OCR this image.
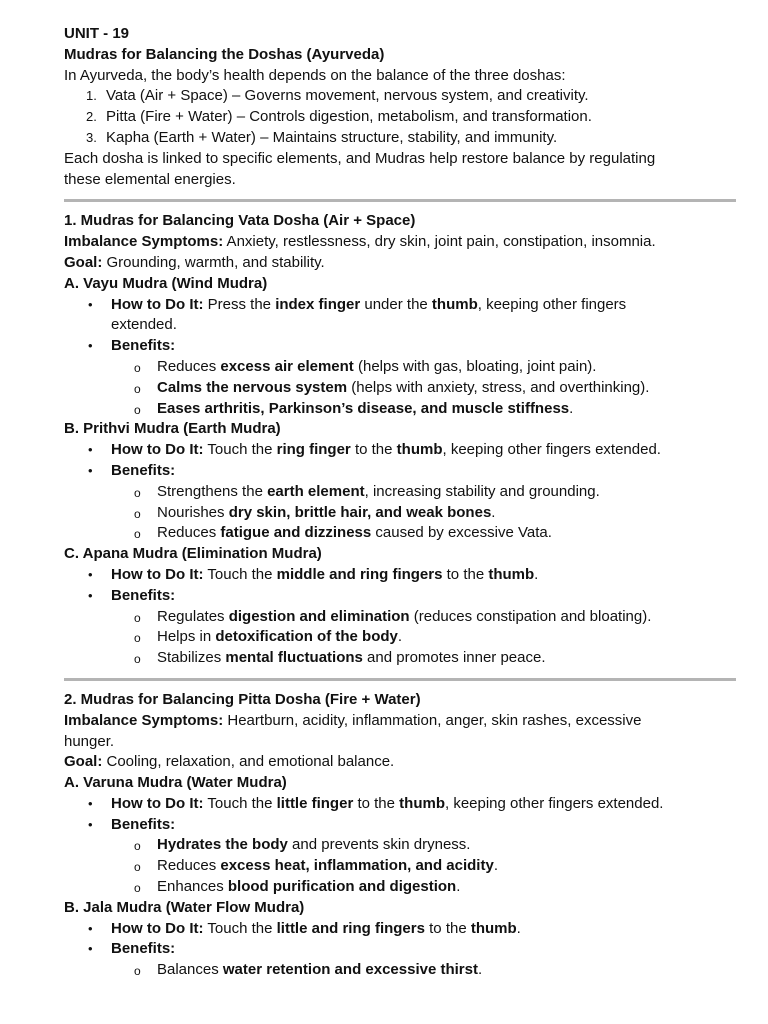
UNIT - 19
Mudras for Balancing the Doshas (Ayurveda)
In Ayurveda, the body’s health depends on the balance of the three doshas:
1. Vata (Air + Space) – Governs movement, nervous system, and creativity.
2. Pitta (Fire + Water) – Controls digestion, metabolism, and transformation.
3. Kapha (Earth + Water) – Maintains structure, stability, and immunity.
Each dosha is linked to specific elements, and Mudras help restore balance by regulating
these elemental energies.
1. Mudras for Balancing Vata Dosha (Air + Space)
Imbalance Symptoms: Anxiety, restlessness, dry skin, joint pain, constipation, insomnia.
Goal: Grounding, warmth, and stability.
A. Vayu Mudra (Wind Mudra)
• How to Do It: Press the index finger under the thumb, keeping other fingers
extended.
• Benefits:
o Reduces excess air element (helps with gas, bloating, joint pain).
o Calms the nervous system (helps with anxiety, stress, and overthinking).
o Eases arthritis, Parkinson’s disease, and muscle stiffness.
B. Prithvi Mudra (Earth Mudra)
• How to Do It: Touch the ring finger to the thumb, keeping other fingers extended.
• Benefits:
o Strengthens the earth element, increasing stability and grounding.
o Nourishes dry skin, brittle hair, and weak bones.
o Reduces fatigue and dizziness caused by excessive Vata.
C. Apana Mudra (Elimination Mudra)
• How to Do It: Touch the middle and ring fingers to the thumb.
• Benefits:
o Regulates digestion and elimination (reduces constipation and bloating).
o Helps in detoxification of the body.
o Stabilizes mental fluctuations and promotes inner peace.
2. Mudras for Balancing Pitta Dosha (Fire + Water)
Imbalance Symptoms: Heartburn, acidity, inflammation, anger, skin rashes, excessive
hunger.
Goal: Cooling, relaxation, and emotional balance.
A. Varuna Mudra (Water Mudra)
• How to Do It: Touch the little finger to the thumb, keeping other fingers extended.
• Benefits:
o Hydrates the body and prevents skin dryness.
o Reduces excess heat, inflammation, and acidity.
o Enhances blood purification and digestion.
B. Jala Mudra (Water Flow Mudra)
• How to Do It: Touch the little and ring fingers to the thumb.
• Benefits:
o Balances water retention and excessive thirst.
